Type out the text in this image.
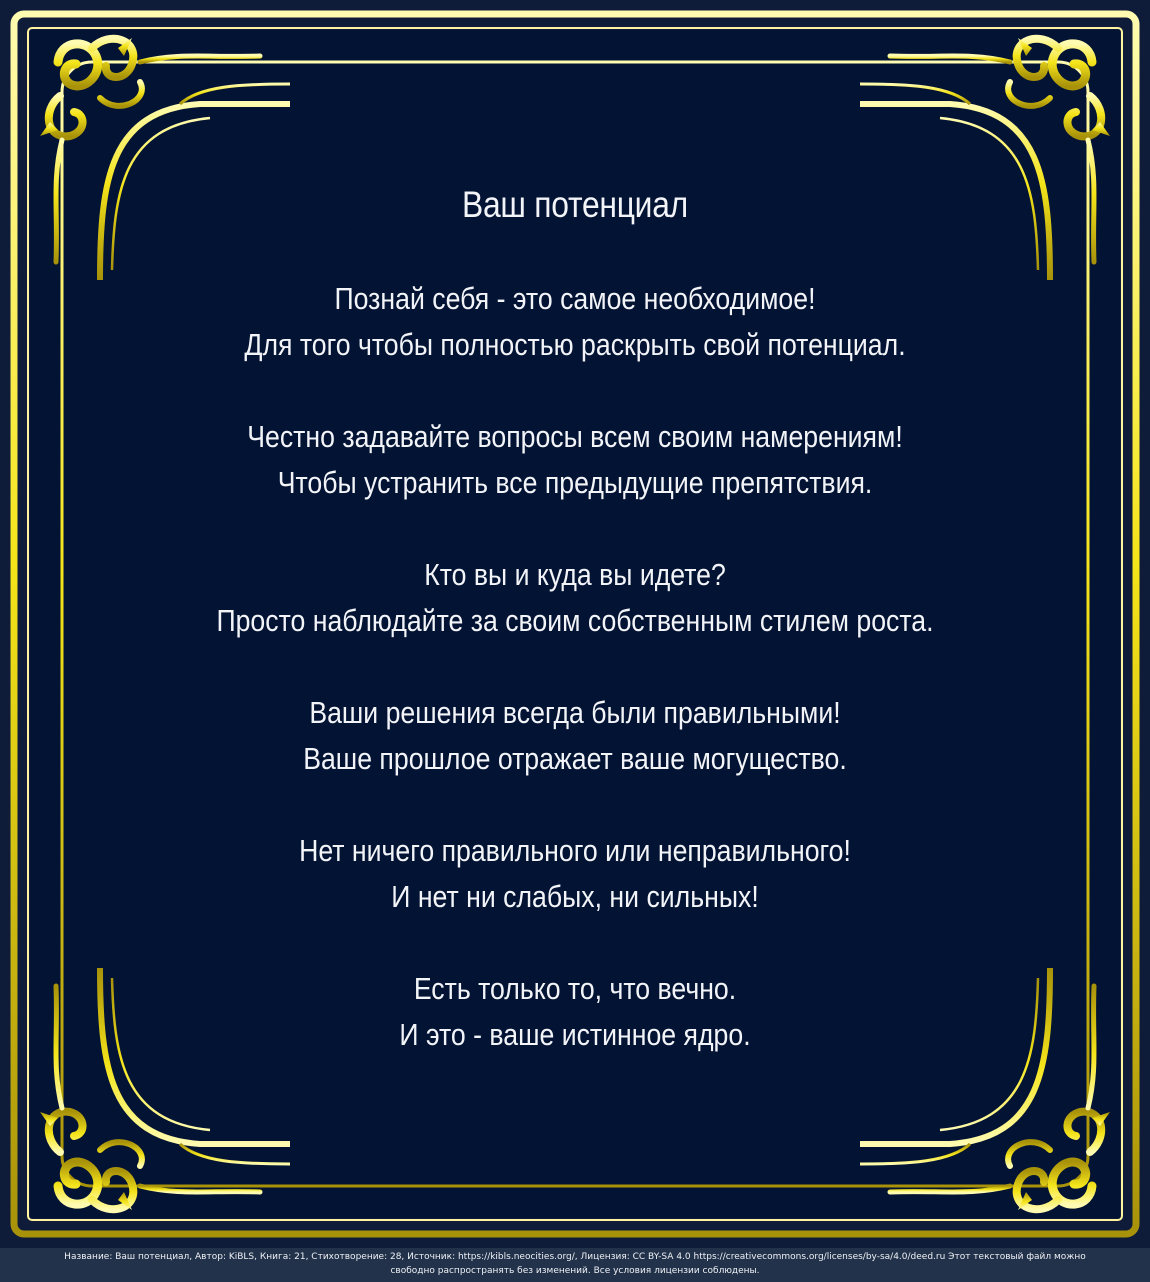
Ваш потенциал
Познай себя - это самое необходимое!
Для того чтобы полностью раскрыть свой потенциал.
Честно задавайте вопросы всем своим намерениям!
Чтобы устранить все предыдущие препятствия.
Кто вы и куда вы идете?
Просто наблюдайте за своим собственным стилем роста.
Ваши решения всегда были правильными!
Ваше прошлое отражает ваше могущество.
Нет ничего правильного или неправильного!
И нет ни слабых, ни сильных!
Есть только то, что вечно.
И это - ваше истинное ядро.
Название: Ваш потенциал, Автор: KiBLS, Книга: 21, Стихотворение: 28, Источник: https://kibls.neocities.org/, Лицензия: CC BY-SA 4.0 https://creativecommons.org/licenses/by-sa/4.0/deed.ru Этот текстовый файл можно
свободно распространять без изменений. Все условия лицензии соблюдены.
